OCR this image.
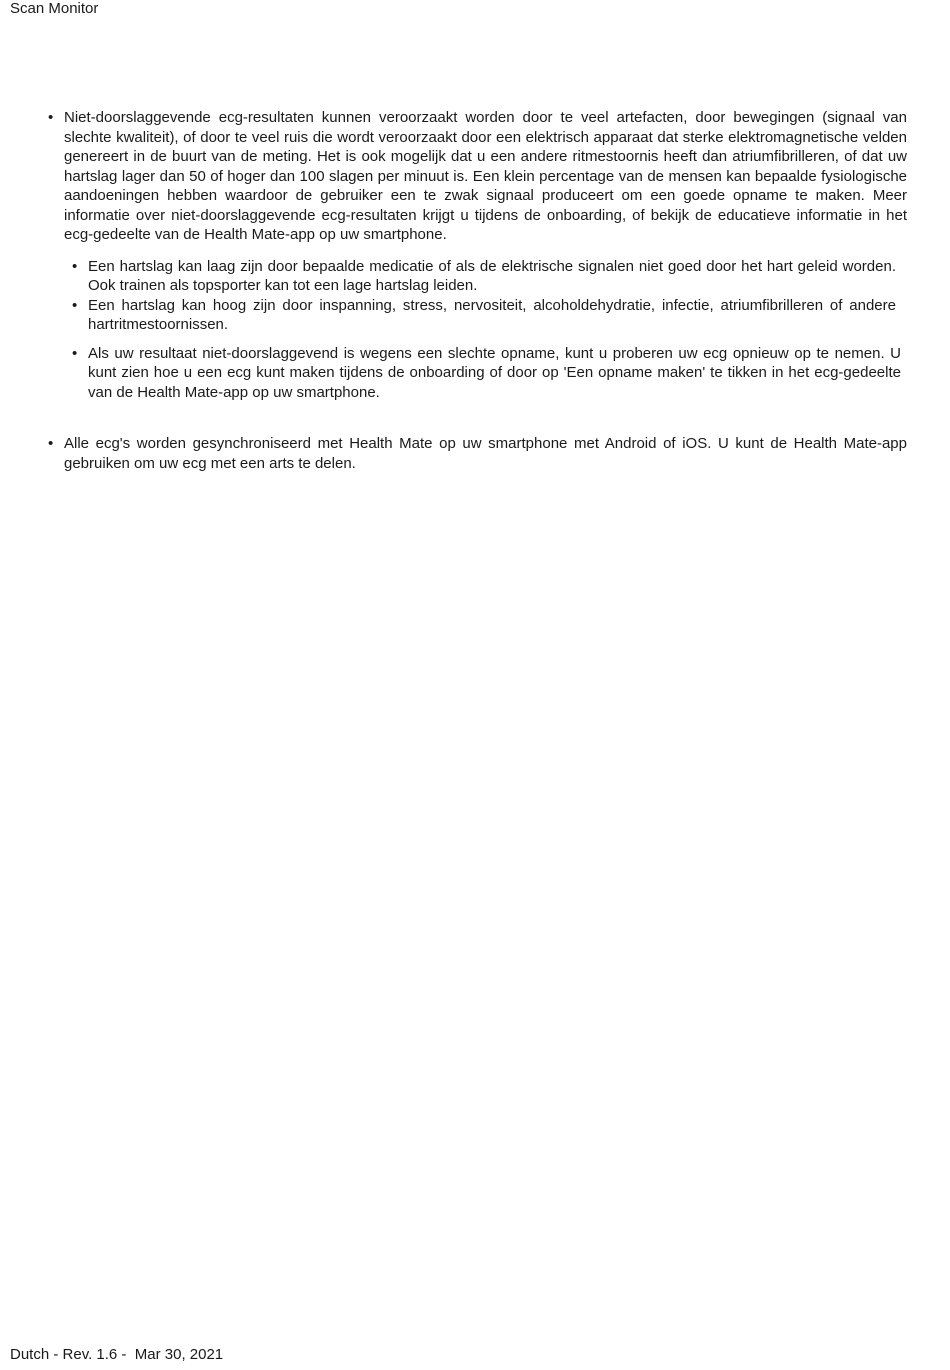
Scan Monitor
• Niet-doorslaggevende ecg-resultaten kunnen veroorzaakt worden door te veel artefacten, door bewegingen (signaal van slechte kwaliteit), of door te veel ruis die wordt veroorzaakt door een elektrisch apparaat dat sterke elektromagnetische velden genereert in de buurt van de meting. Het is ook mogelijk dat u een andere ritmestoornis heeft dan atriumfibrilleren, of dat uw hartslag lager dan 50 of hoger dan 100 slagen per minuut is. Een klein percentage van de mensen kan bepaalde fysiologische aandoeningen hebben waardoor de gebruiker een te zwak signaal produceert om een goede opname te maken. Meer informatie over niet-doorslaggevende ecg-resultaten krijgt u tijdens de onboarding, of bekijk de educatieve informatie in het ecg-gedeelte van de Health Mate-app op uw smartphone.
• Een hartslag kan laag zijn door bepaalde medicatie of als de elektrische signalen niet goed door het hart geleid worden. Ook trainen als topsporter kan tot een lage hartslag leiden.
• Een hartslag kan hoog zijn door inspanning, stress, nervositeit, alcoholdehydratie, infectie, atriumfibrilleren of andere hartritmestoornissen.
• Als uw resultaat niet-doorslaggevend is wegens een slechte opname, kunt u proberen uw ecg opnieuw op te nemen. U kunt zien hoe u een ecg kunt maken tijdens de onboarding of door op 'Een opname maken' te tikken in het ecg-gedeelte van de Health Mate-app op uw smartphone.
• Alle ecg's worden gesynchroniseerd met Health Mate op uw smartphone met Android of iOS. U kunt de Health Mate-app gebruiken om uw ecg met een arts te delen.
Dutch - Rev. 1.6 -  Mar 30, 2021
